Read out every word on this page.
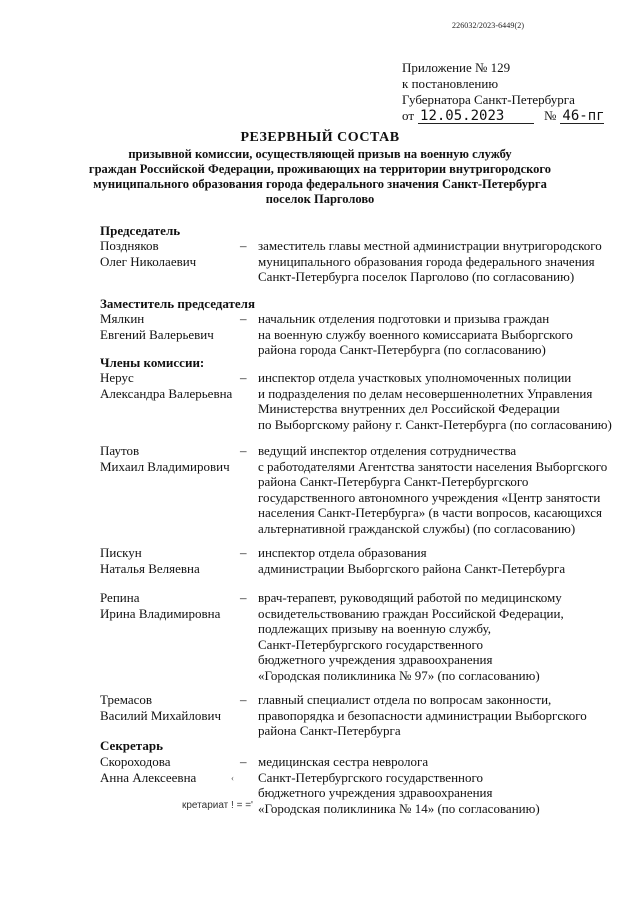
226032/2023-6449(2)
Приложение № 129
к постановлению
Губернатора Санкт-Петербурга
от 12.05.2023	№ 46-пг
РЕЗЕРВНЫЙ СОСТАВ
призывной комиссии, осуществляющей призыв на военную службу
граждан Российской Федерации, проживающих на территории внутригородского
муниципального образования города федерального значения Санкт-Петербурга
поселок Парголово
Председатель
Поздняков
Олег Николаевич
– заместитель главы местной администрации внутригородского
муниципального образования города федерального значения
Санкт-Петербурга поселок Парголово (по согласованию)
Заместитель председателя
Мялкин
Евгений Валерьевич
– начальник отделения подготовки и призыва граждан
на военную службу военного комиссариата Выборгского
района города Санкт-Петербурга (по согласованию)
Члены комиссии:
Нерус
Александра Валерьевна
– инспектор отдела участковых уполномоченных полиции
и подразделения по делам несовершеннолетних Управления
Министерства внутренних дел Российской Федерации
по Выборгскому району г. Санкт-Петербурга (по согласованию)
Паутов
Михаил Владимирович
– ведущий инспектор отделения сотрудничества
с работодателями Агентства занятости населения Выборгского
района Санкт-Петербурга Санкт-Петербургского
государственного автономного учреждения «Центр занятости
населения Санкт-Петербурга» (в части вопросов, касающихся
альтернативной гражданской службы) (по согласованию)
Пискун
Наталья Веляевна
– инспектор отдела образования
администрации Выборгского района Санкт-Петербурга
Репина
Ирина Владимировна
– врач-терапевт, руководящий работой по медицинскому
освидетельствованию граждан Российской Федерации,
подлежащих призыву на военную службу,
Санкт-Петербургского государственного
бюджетного учреждения здравоохранения
«Городская поликлиника № 97» (по согласованию)
Тремасов
Василий Михайлович
– главный специалист отдела по вопросам законности,
правопорядка и безопасности администрации Выборгского
района Санкт-Петербурга
Секретарь
Скороходова
Анна Алексеевна
– медицинская сестра невролога
Санкт-Петербургского государственного
бюджетного учреждения здравоохранения
«Городская поликлиника № 14» (по согласованию)
‹
кретариат ! = ='
